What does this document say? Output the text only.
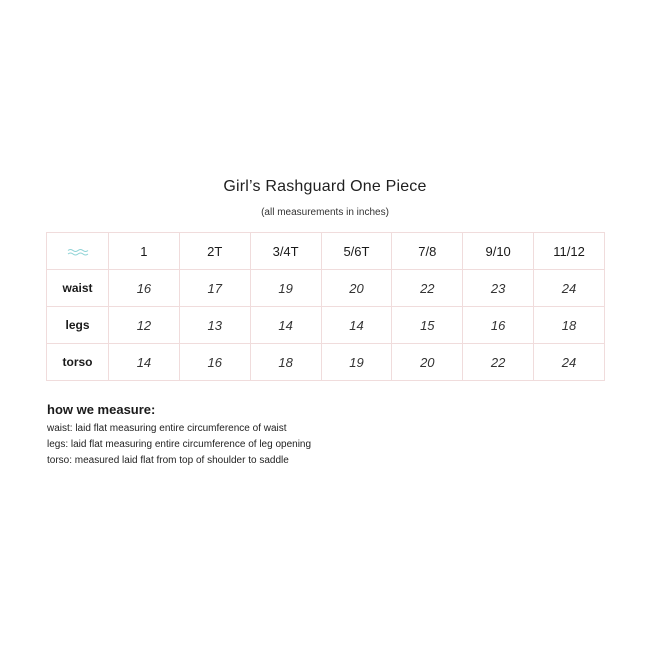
Girl’s Rashguard One Piece
(all measurements in inches)
	1	2T	3/4T	5/6T	7/8	9/10	11/12
waist	16	17	19	20	22	23	24
legs	12	13	14	14	15	16	18
torso	14	16	18	19	20	22	24
how we measure:
waist: laid flat measuring entire circumference of waist
legs: laid flat measuring entire circumference of leg opening
torso: measured laid flat from top of shoulder to saddle
